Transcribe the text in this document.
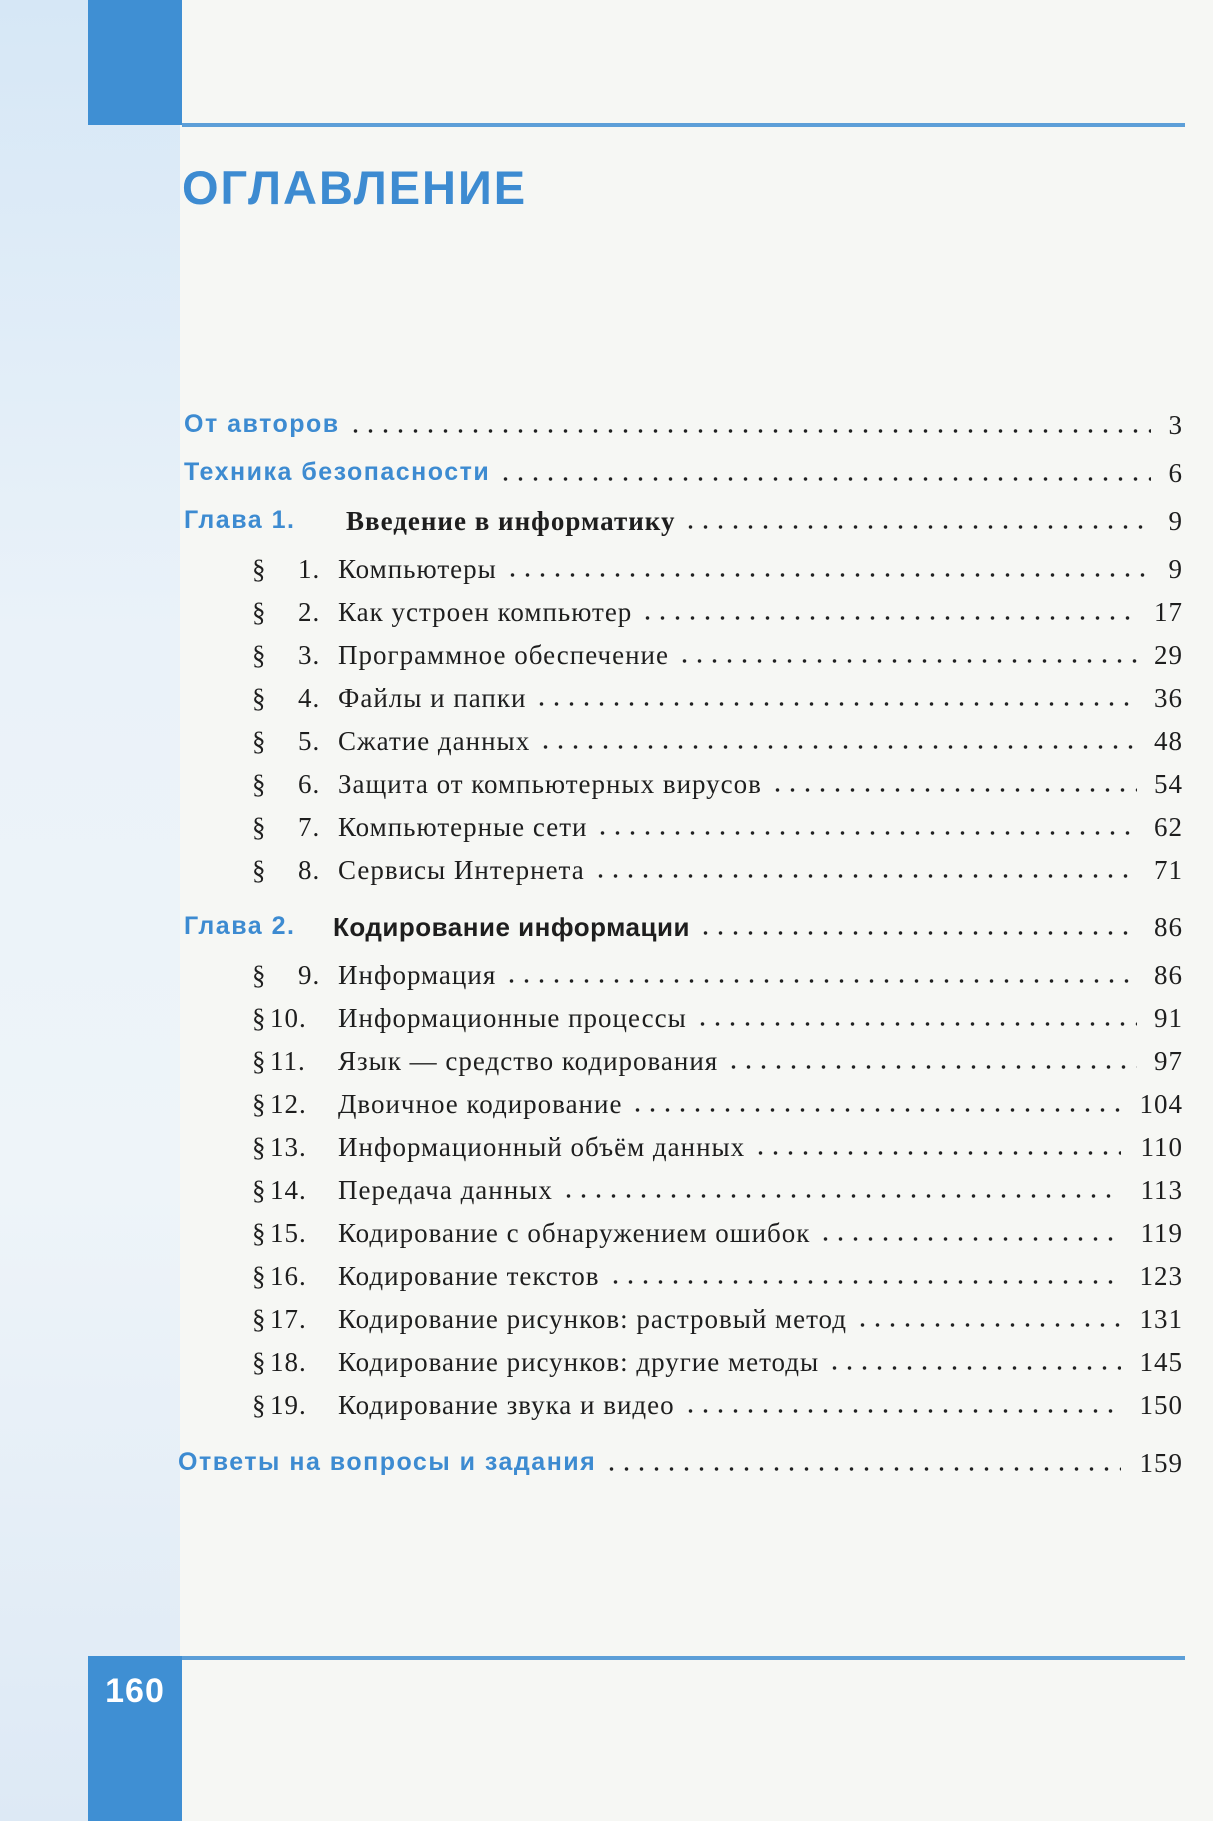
160
ОГЛАВЛЕНИЕ
От авторов	3
Техника безопасности	6
Глава 1. Введение в информатику	9
§ 1. Компьютеры	9
§ 2. Как устроен компьютер	17
§ 3. Программное обеспечение	29
§ 4. Файлы и папки	36
§ 5. Сжатие данных	48
§ 6. Защита от компьютерных вирусов	54
§ 7. Компьютерные сети	62
§ 8. Сервисы Интернета	71
Глава 2. Кодирование информации	86
§ 9. Информация	86
§ 10. Информационные процессы	91
§ 11. Язык — средство кодирования	97
§ 12. Двоичное кодирование	104
§ 13. Информационный объём данных	110
§ 14. Передача данных	113
§ 15. Кодирование с обнаружением ошибок	119
§ 16. Кодирование текстов	123
§ 17. Кодирование рисунков: растровый метод	131
§ 18. Кодирование рисунков: другие методы	145
§ 19. Кодирование звука и видео	150
Ответы на вопросы и задания	159
